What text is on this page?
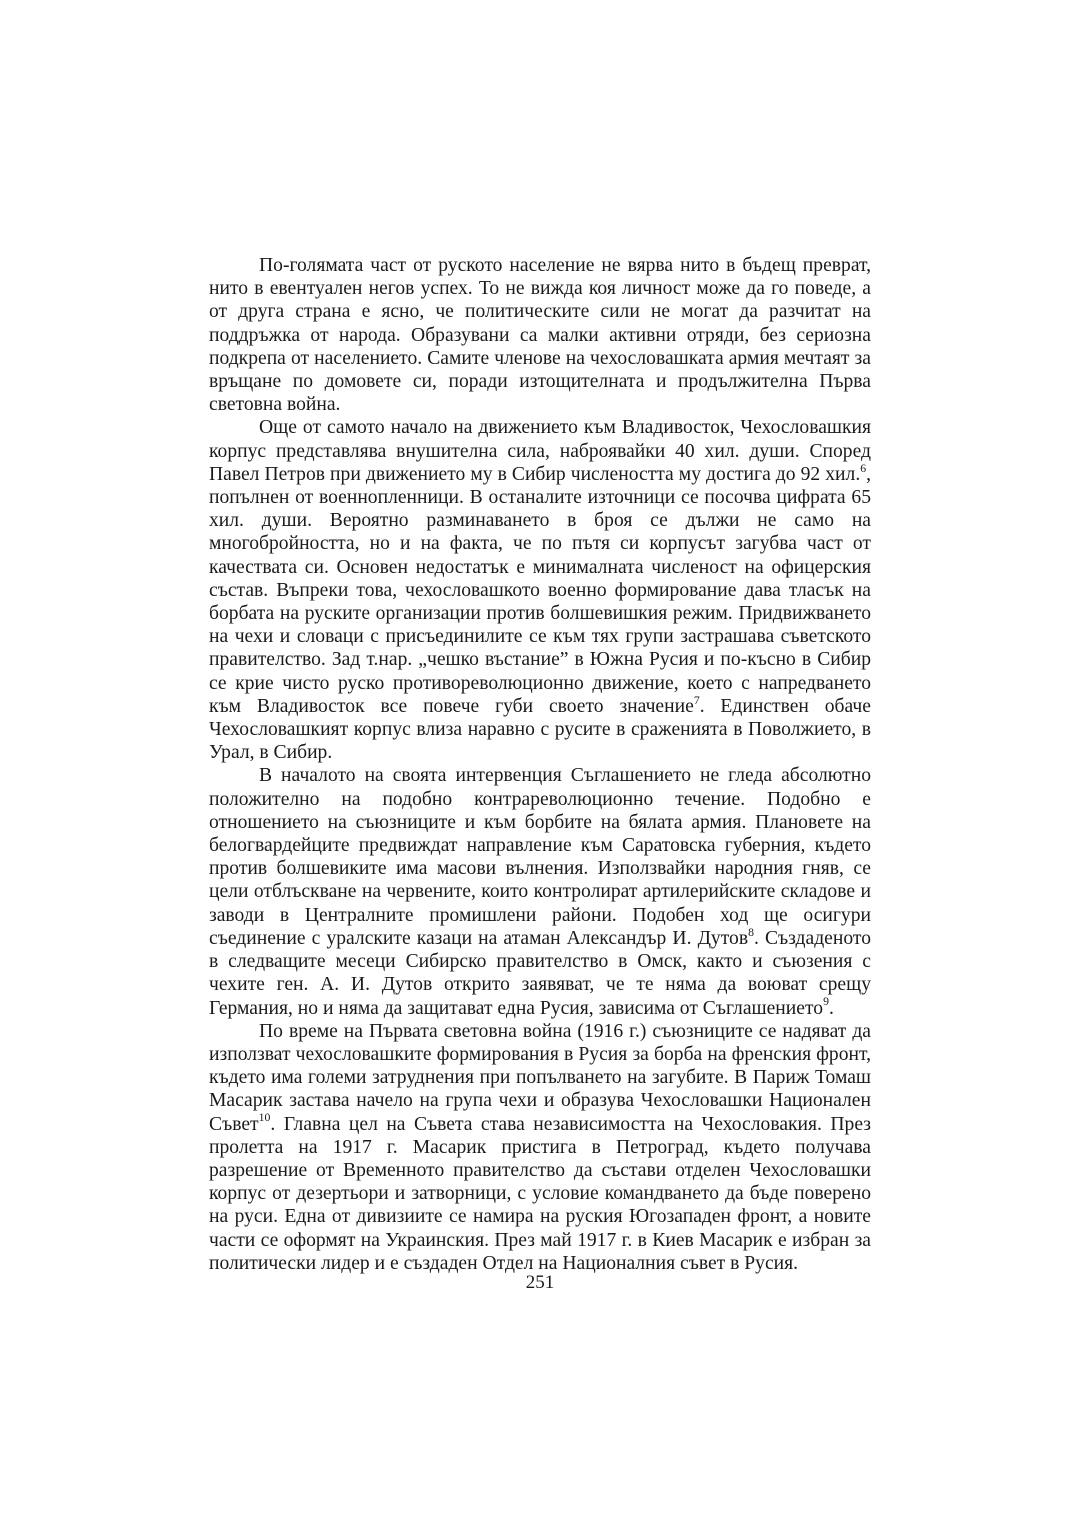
По-голямата част от руското население не вярва нито в бъдещ преврат, нито в евентуален негов успех. То не вижда коя личност може да го поведе, а от друга страна е ясно, че политическите сили не могат да разчитат на поддръжка от народа. Образувани са малки активни отряди, без сериозна подкрепа от населението. Самите членове на чехословашката армия мечтаят за връщане по домовете си, поради изтощителната и продължителна Първа световна война.

Още от самото начало на движението към Владивосток, Чехословашкия корпус представлява внушителна сила, наброявайки 40 хил. души. Според Павел Петров при движението му в Сибир числеността му достига до 92 хил.$^6$, попълнен от военнопленници. В останалите източници се посочва цифрата 65 хил. души. Вероятно разминаването в броя се дължи не само на многобройността, но и на факта, че по пътя си корпусът загубва част от качествата си. Основен недостатък е минималната численост на офицерския състав. Въпреки това, чехословашкото военно формирование дава тласък на борбата на руските организации против болшевишкия режим. Придвижването на чехи и словаци с присъединилите се към тях групи застрашава съветското правителство. Зад т.нар. „чешко въстание” в Южна Русия и по-късно в Сибир се крие чисто руско противореволюционно движение, което с напредването към Владивосток все повече губи своето значение$^7$. Единствен обаче Чехословашкият корпус влиза наравно с русите в сраженията в Поволжието, в Урал, в Сибир.

В началото на своята интервенция Съглашението не гледа абсолютно положително на подобно контрареволюционно течение. Подобно е отношението на съюзниците и към борбите на бялата армия. Плановете на белогвардейците предвиждат направление към Саратовска губерния, където против болшевиките има масови вълнения. Използвайки народния гняв, се цели отблъскване на червените, които контролират артилерийските складове и заводи в Централните промишлени райони. Подобен ход ще осигури съединение с уралските казаци на атаман Александър И. Дутов$^8$. Създаденото в следващите месеци Сибирско правителство в Омск, както и съюзения с чехите ген. А. И. Дутов открито заявяват, че те няма да воюват срещу Германия, но и няма да защитават една Русия, зависима от Съглашението$^9$.

По време на Първата световна война (1916 г.) съюзниците се надяват да използват чехословашките формирования в Русия за борба на френския фронт, където има големи затруднения при попълването на загубите. В Париж Томаш Масарик застава начело на група чехи и образува Чехословашки Национален Съвет$^{10}$. Главна цел на Съвета става независимостта на Чехословакия. През пролетта на 1917 г. Масарик пристига в Петроград, където получава разрешение от Временното правителство да състави отделен Чехословашки корпус от дезертьори и затворници, с условие командването да бъде поверено на руси. Една от дивизиите се намира на руския Югозападен фронт, а новите части се оформят на Украинския. През май 1917 г. в Киев Масарик е избран за политически лидер и е създаден Отдел на Националния съвет в Русия.

251
